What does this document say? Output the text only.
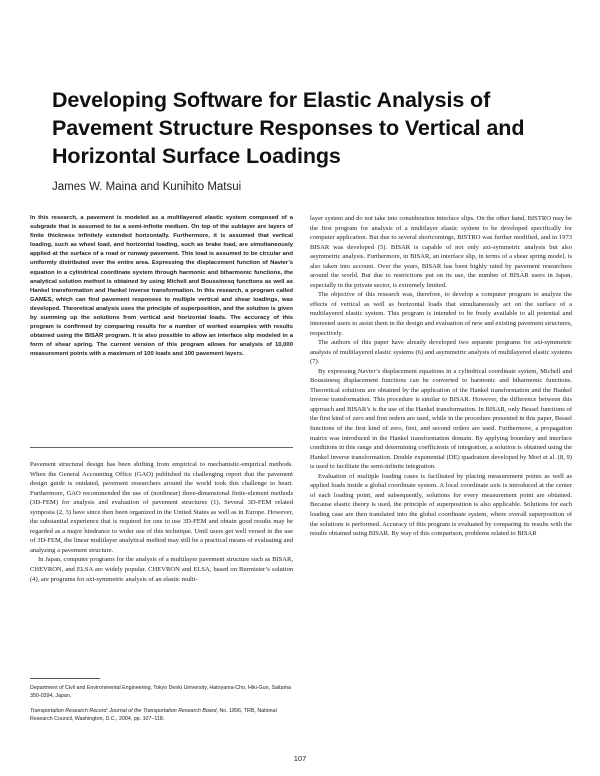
Developing Software for Elastic Analysis of Pavement Structure Responses to Vertical and Horizontal Surface Loadings
James W. Maina and Kunihito Matsui
In this research, a pavement is modeled as a multilayered elastic system composed of a subgrade that is assumed to be a semi-infinite medium. On top of the sublayer are layers of finite thickness infinitely extended horizontally. Furthermore, it is assumed that vertical loading, such as wheel load, and horizontal loading, such as brake load, are simultaneously applied at the surface of a road or runway pavement. This load is assumed to be circular and uniformly distributed over the entire area. Expressing the displacement function of Navier’s equation in a cylindrical coordinate system through harmonic and biharmonic functions, the analytical solution method is obtained by using Michell and Boussinesq functions as well as Hankel transformation and Hankel inverse transformation. In this research, a program called GAMES, which can find pavement responses to multiple vertical and shear loadings, was developed. Theoretical analysis uses the principle of superposition, and the solution is given by summing up the solutions from vertical and horizontal loads. The accuracy of this program is confirmed by comparing results for a number of worked examples with results obtained using the BISAR program. It is also possible to allow an interface slip modeled in a form of shear spring. The current version of this program allows for analysis of 10,000 measurement points with a maximum of 100 loads and 100 pavement layers.

Pavement structural design has been shifting from empirical to mechanistic-empirical methods. When the General Accounting Office (GAO) published its challenging report that the pavement design guide is outdated, pavement researchers around the world took this challenge to heart. Furthermore, GAO recommended the use of (nonlinear) three-dimensional finite-element methods (3D-FEM) for analysis and evaluation of pavement structures (1). Several 3D-FEM related symposia (2, 3) have since then been organized in the United States as well as in Europe. However, the substantial experience that is required for one to use 3D-FEM and obtain good results may be regarded as a major hindrance to wider use of this technique. Until users get well versed in the use of 3D-FEM, the linear multilayer analytical method may still be a practical means of evaluating and analyzing a pavement structure.

In Japan, computer programs for the analysis of a multilayer pavement structure such as BISAR, CHEVRON, and ELSA are widely popular. CHEVRON and ELSA, based on Burmister’s solution (4), are programs for axi-symmetric analysis of an elastic multi-

layer system and do not take into consideration interface slips. On the other hand, BISTRO may be the first program for analysis of a multilayer elastic system to be developed specifically for computer application. But due to several shortcomings, BISTRO was further modified, and in 1973 BISAR was developed (5). BISAR is capable of not only axi-symmetric analysis but also asymmetric analysis. Furthermore, in BISAR, an interface slip, in terms of a shear spring model, is also taken into account. Over the years, BISAR has been highly rated by pavement researchers around the world. But due to restrictions put on its use, the number of BISAR users in Japan, especially in the private sector, is extremely limited.

The objective of this research was, therefore, to develop a computer program to analyze the effects of vertical as well as horizontal loads that simultaneously act on the surface of a multilayered elastic system. This program is intended to be freely available to all potential and interested users to assist them in the design and evaluation of new and existing pavement structures, respectively.

The authors of this paper have already developed two separate programs for axi-symmetric analysis of multilayered elastic systems (6) and asymmetric analysis of multilayered elastic systems (7).

By expressing Navier’s displacement equations in a cylindrical coordinate system, Michell and Boussinesq displacement functions can be converted to harmonic and biharmonic functions. Theoretical solutions are obtained by the application of the Hankel transformation and the Hankel inverse transformation. This procedure is similar to BISAR. However, the difference between this approach and BISAR’s is the use of the Hankel transformation. In BISAR, only Bessel functions of the first kind of zero and first orders are used, while in the procedure presented in this paper, Bessel functions of the first kind of zero, first, and second orders are used. Furthermore, a propagation matrix was introduced in the Hankel transformation domain. By applying boundary and interface conditions in this range and determining coefficients of integration, a solution is obtained using the Hankel inverse transformation. Double exponential (DE) quadrature developed by Mori et al. (8, 9) is used to facilitate the semi-infinite integration.

Evaluation of multiple loading cases is facilitated by placing measurement points as well as applied loads inside a global coordinate system. A local coordinate axis is introduced at the center of each loading point, and subsequently, solutions for every measurement point are obtained. Because elastic theory is used, the principle of superposition is also applicable. Solutions for each loading case are then translated into the global coordinate system, where overall superposition of the solutions is performed. Accuracy of this program is evaluated by comparing its results with the results obtained using BISAR. By way of this comparison, problems related to BISAR

Department of Civil and Environmental Engineering, Tokyo Denki University, Hatoyama-Cho, Hiki-Gun, Saitama 350-0394, Japan.
Transportation Research Record: Journal of the Transportation Research Board, No. 1896, TRB, National Research Council, Washington, D.C., 2004, pp. 107–118.
107
